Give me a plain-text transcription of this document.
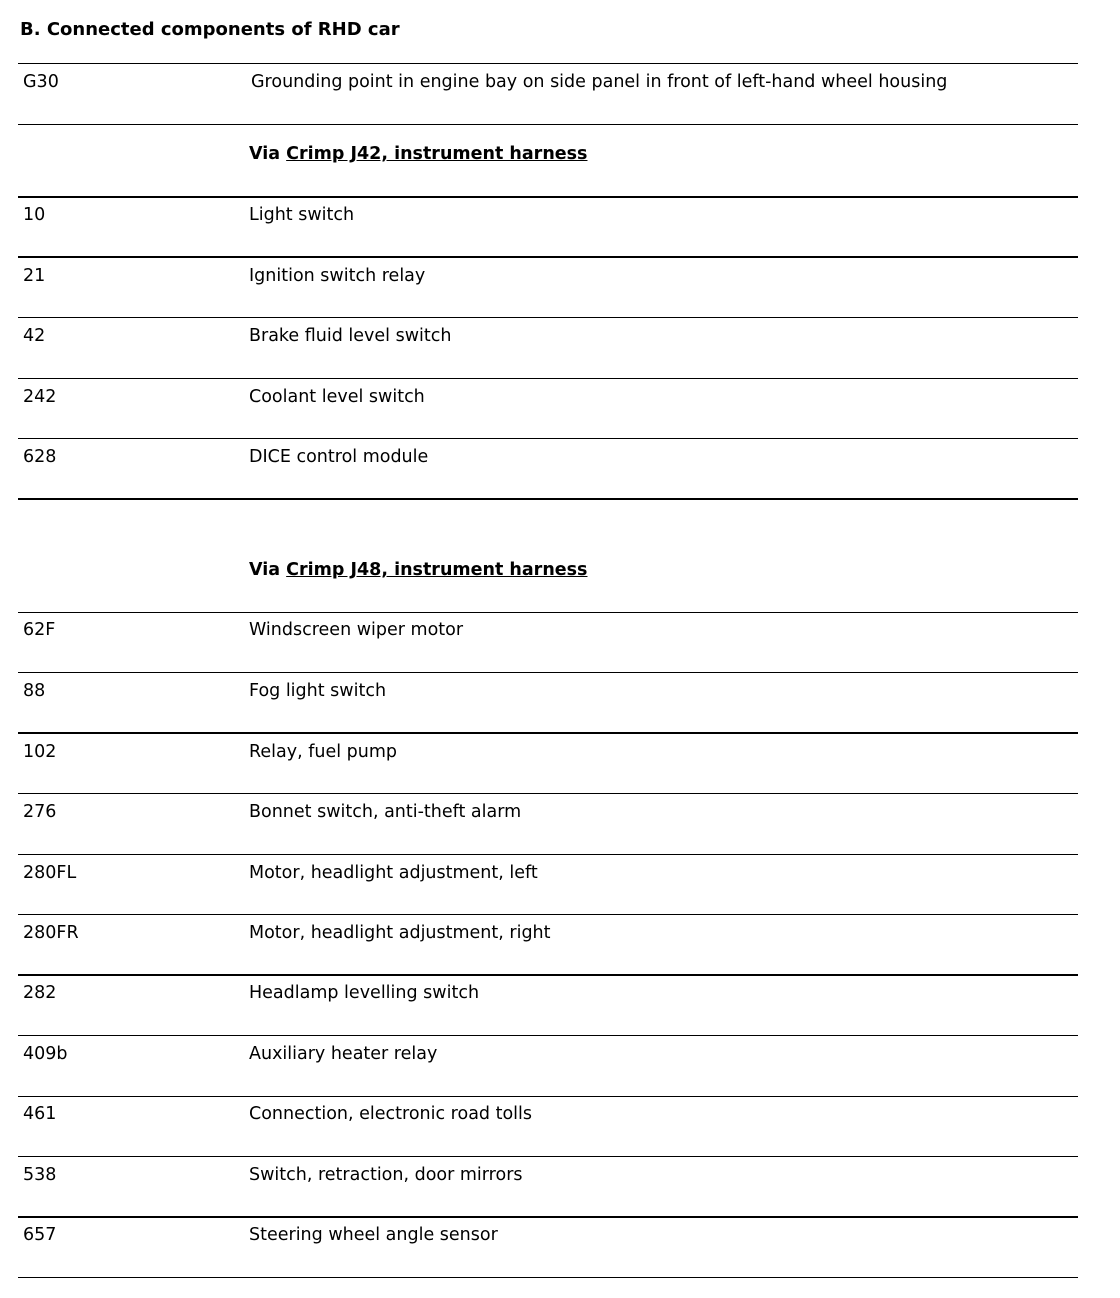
B. Connected components of RHD car
G30	Grounding point in engine bay on side panel in front of left-hand wheel housing
Via Crimp J42, instrument harness
10	Light switch
21	Ignition switch relay
42	Brake fluid level switch
242	Coolant level switch
628	DICE control module
Via Crimp J48, instrument harness
62F	Windscreen wiper motor
88	Fog light switch
102	Relay, fuel pump
276	Bonnet switch, anti-theft alarm
280FL	Motor, headlight adjustment, left
280FR	Motor, headlight adjustment, right
282	Headlamp levelling switch
409b	Auxiliary heater relay
461	Connection, electronic road tolls
538	Switch, retraction, door mirrors
657	Steering wheel angle sensor
